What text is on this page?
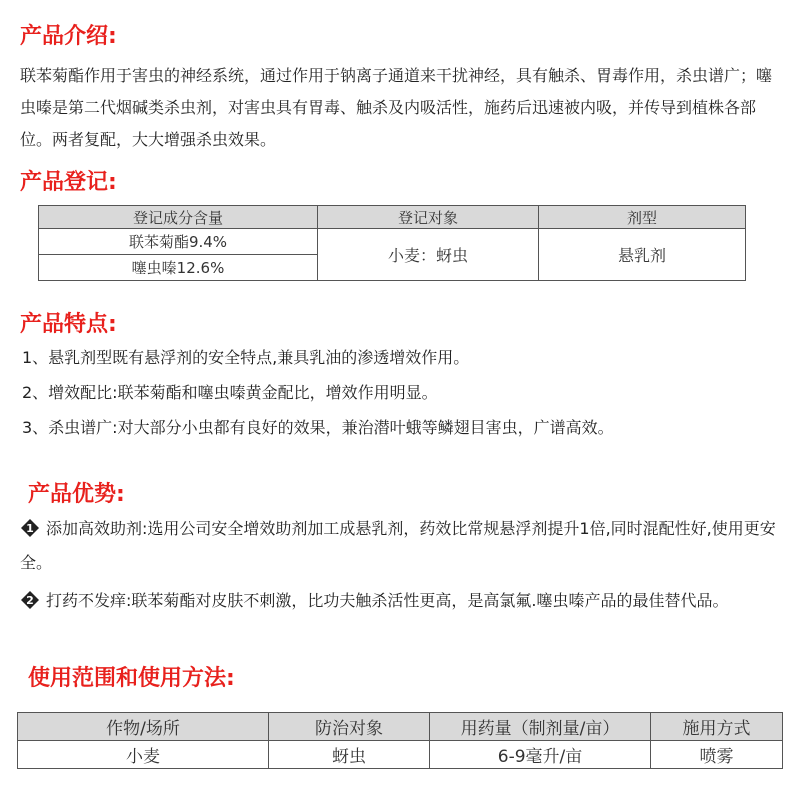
产品介绍:
联苯菊酯作用于害虫的神经系统，通过作用于钠离子通道来干扰神经，具有触杀、胃毒作用，杀虫谱广；噻虫嗪是第二代烟碱类杀虫剂，对害虫具有胃毒、触杀及内吸活性，施药后迅速被内吸，并传导到植株各部位。两者复配，大大增强杀虫效果。
产品登记:
登记成分含量	登记对象	剂型
联苯菊酯9.4%	小麦：蚜虫	悬乳剂
噻虫嗪12.6%		
产品特点:
1、悬乳剂型既有悬浮剂的安全特点,兼具乳油的渗透增效作用。
2、增效配比:联苯菊酯和噻虫嗪黄金配比，增效作用明显。
3、杀虫谱广:对大部分小虫都有良好的效果，兼治潜叶蛾等鳞翅目害虫，广谱高效。
产品优势:
1 添加高效助剂:选用公司安全增效助剂加工成悬乳剂，药效比常规悬浮剂提升1倍,同时混配性好,使用更安全。
2 打药不发痒:联苯菊酯对皮肤不刺激，比功夫触杀活性更高，是高氯氟.噻虫嗪产品的最佳替代品。
使用范围和使用方法:
作物/场所	防治对象	用药量（制剂量/亩）	施用方式
小麦	蚜虫	6-9毫升/亩	喷雾
